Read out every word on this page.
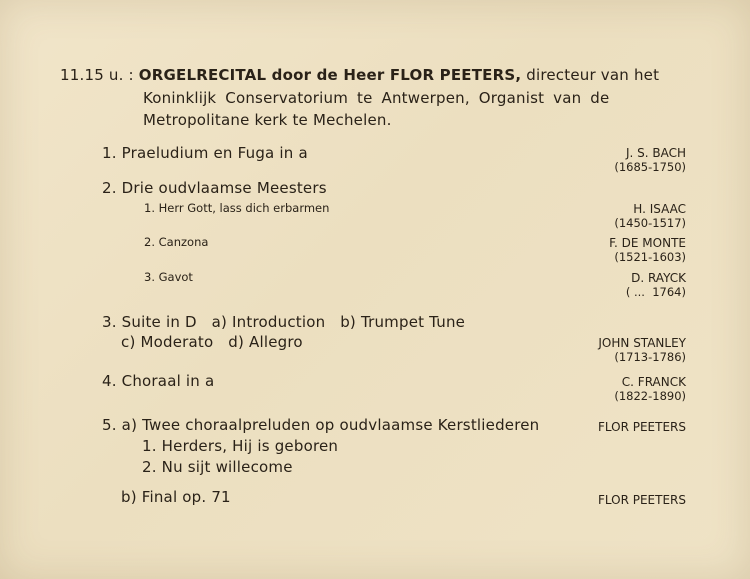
11.15 u. : ORGELRECITAL door de Heer FLOR PEETERS, directeur van het
Koninklijk Conservatorium te Antwerpen, Organist van de
Metropolitane kerk te Mechelen.
1. Praeludium en Fuga in a	J. S. BACH
(1685-1750)
2. Drie oudvlaamse Meesters
1. Herr Gott, lass dich erbarmen	H. ISAAC
(1450-1517)
2. Canzona	F. DE MONTE
(1521-1603)
3. Gavot	D. RAYCK
( ...  1764)
3. Suite in D   a) Introduction   b) Trumpet Tune
c) Moderato   d) Allegro	JOHN STANLEY
(1713-1786)
4. Choraal in a	C. FRANCK
(1822-1890)
5. a) Twee choraalpreluden op oudvlaamse Kerstliederen	FLOR PEETERS
1. Herders, Hij is geboren
2. Nu sijt willecome
b) Final op. 71	FLOR PEETERS
